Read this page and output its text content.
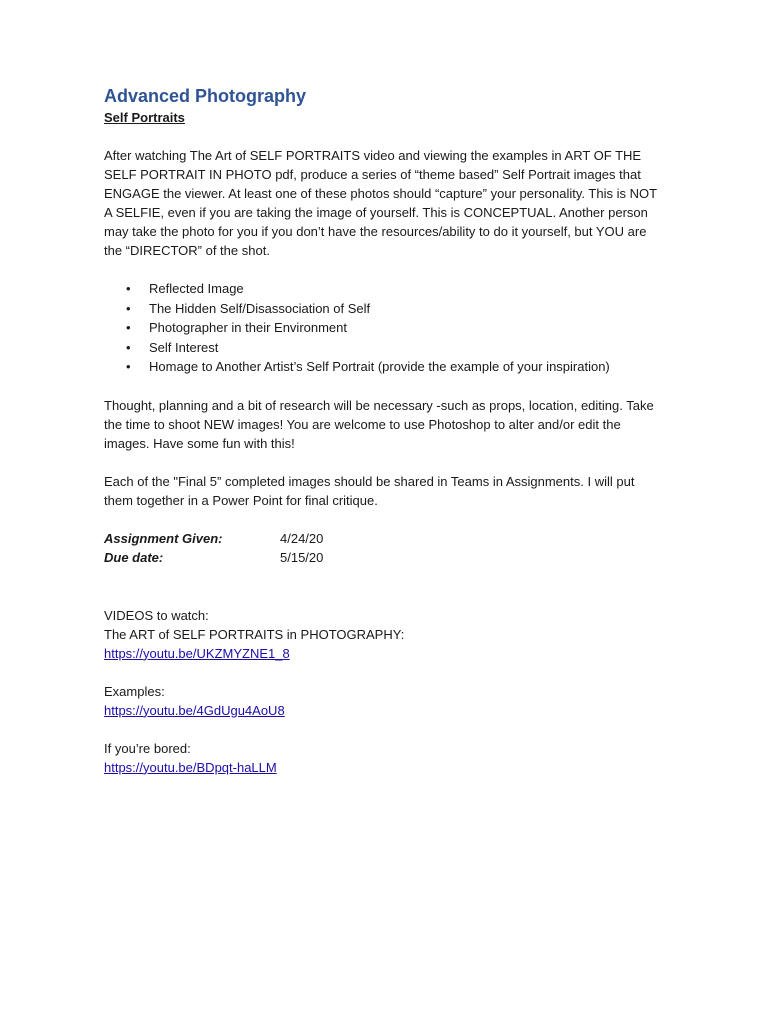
Advanced Photography
Self Portraits

After watching The Art of SELF PORTRAITS video and viewing the examples in ART OF THE SELF PORTRAIT IN PHOTO pdf, produce a series of “theme based” Self Portrait images that ENGAGE the viewer. At least one of these photos should “capture” your personality. This is NOT A SELFIE, even if you are taking the image of yourself. This is CONCEPTUAL. Another person may take the photo for you if you don’t have the resources/ability to do it yourself, but YOU are the “DIRECTOR” of the shot.

• Reflected Image
• The Hidden Self/Disassociation of Self
• Photographer in their Environment
• Self Interest
• Homage to Another Artist’s Self Portrait (provide the example of your inspiration)

Thought, planning and a bit of research will be necessary -such as props, location, editing. Take the time to shoot NEW images! You are welcome to use Photoshop to alter and/or edit the images. Have some fun with this!

Each of the "Final 5” completed images should be shared in Teams in Assignments. I will put them together in a Power Point for final critique.

Assignment Given:	4/24/20
Due date:	5/15/20
VIDEOS to watch:
The ART of SELF PORTRAITS in PHOTOGRAPHY:
https://youtu.be/UKZMYZNE1_8
Examples:
https://youtu.be/4GdUgu4AoU8
If you’re bored:
https://youtu.be/BDpqt-haLLM
